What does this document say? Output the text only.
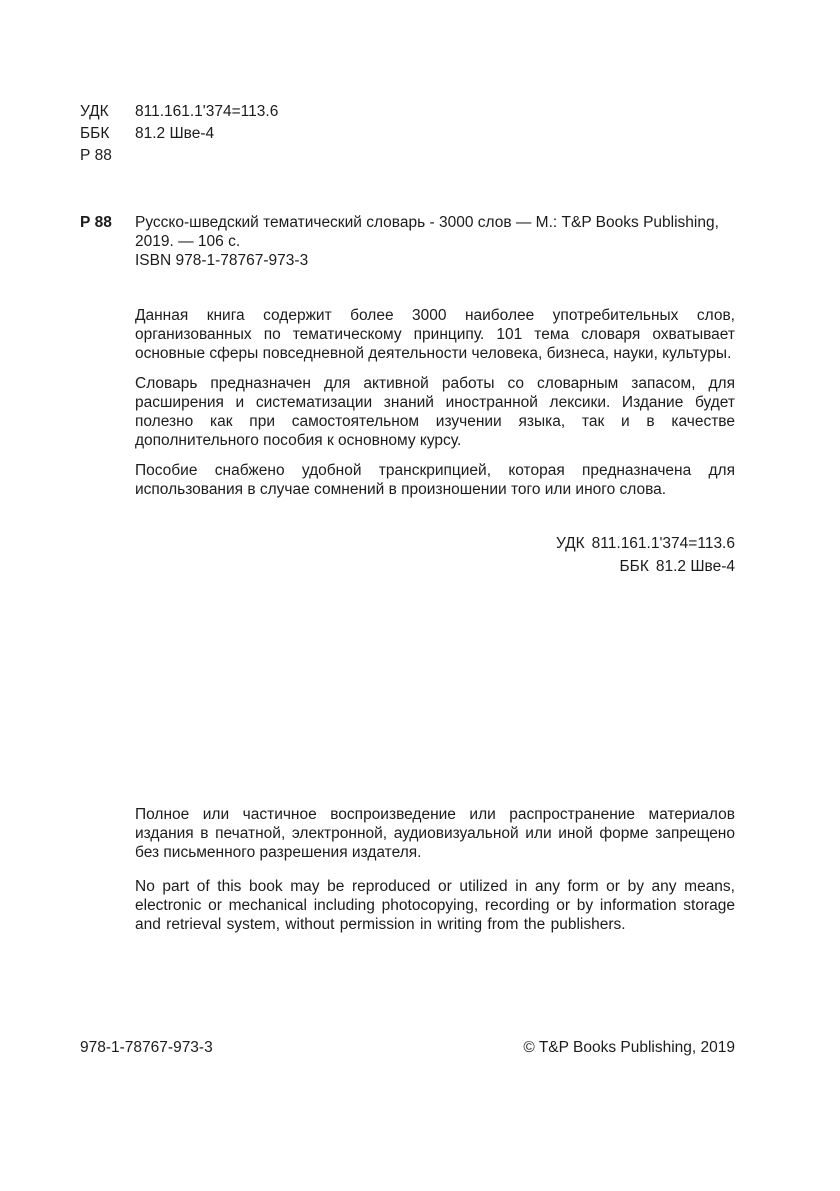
УДК 811.161.1'374=113.6
ББК 81.2 Шве-4
Р 88
Р 88 Русско-шведский тематический словарь - 3000 слов — М.: T&P Books Publishing, 2019. — 106 с.
ISBN 978-1-78767-973-3

Данная книга содержит более 3000 наиболее употребительных слов, организованных по тематическому принципу. 101 тема словаря охватывает основные сферы повседневной деятельности человека, бизнеса, науки, культуры.

Словарь предназначен для активной работы со словарным запасом, для расширения и систематизации знаний иностранной лексики. Издание будет полезно как при самостоятельном изучении языка, так и в качестве дополнительного пособия к основному курсу.

Пособие снабжено удобной транскрипцией, которая предназначена для использования в случае сомнений в произношении того или иного слова.

УДК 811.161.1'374=113.6
ББК 81.2 Шве-4

Полное или частичное воспроизведение или распространение материалов издания в печатной, электронной, аудиовизуальной или иной форме запрещено без письменного разрешения издателя.

No part of this book may be reproduced or utilized in any form or by any means, electronic or mechanical including photocopying, recording or by information storage and retrieval system, without permission in writing from the publishers.

978-1-78767-973-3	© T&P Books Publishing, 2019
